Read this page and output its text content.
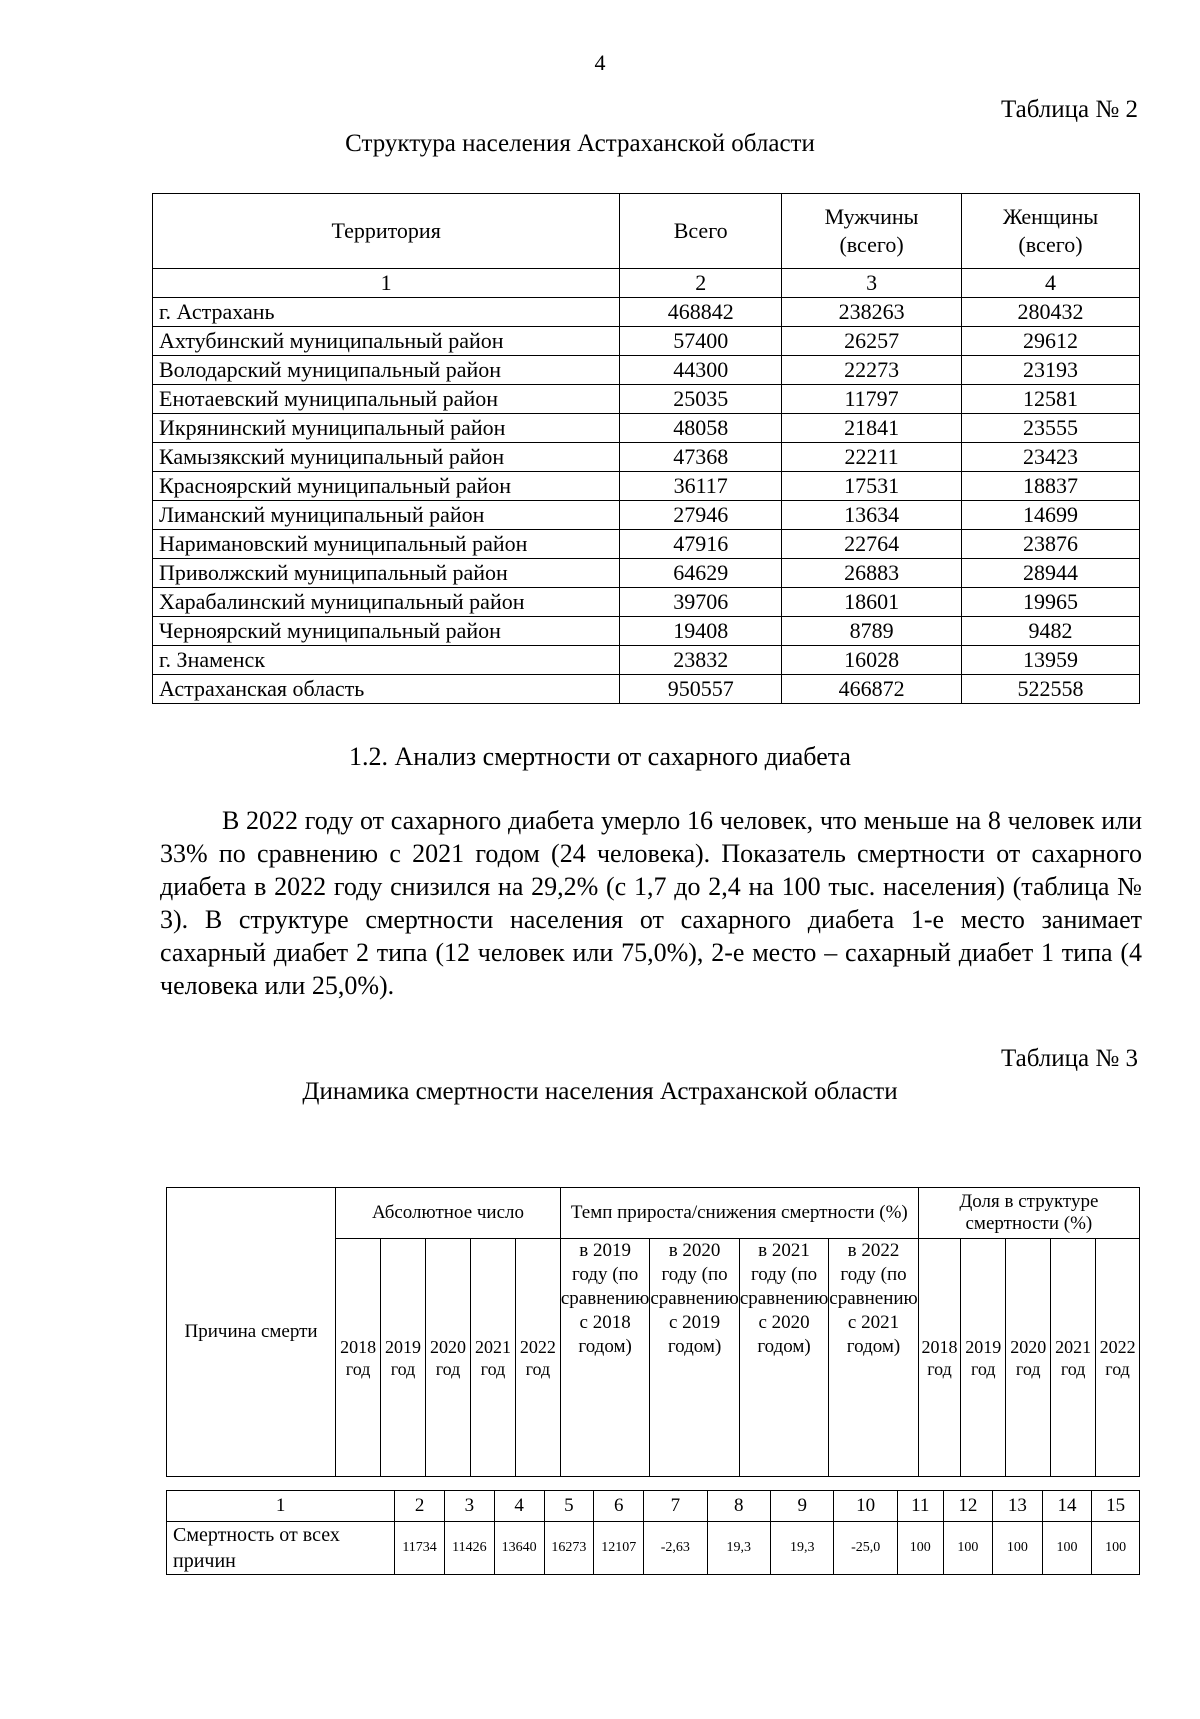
4
Таблица № 2
Структура населения Астраханской области
Территория	Всего	Мужчины (всего)	Женщины (всего)
1	2	3	4
г. Астрахань	468842	238263	280432
Ахтубинский муниципальный район	57400	26257	29612
Володарский муниципальный район	44300	22273	23193
Енотаевский муниципальный район	25035	11797	12581
Икрянинский муниципальный район	48058	21841	23555
Камызякский муниципальный район	47368	22211	23423
Красноярский муниципальный район	36117	17531	18837
Лиманский муниципальный район	27946	13634	14699
Наримановский муниципальный район	47916	22764	23876
Приволжский муниципальный район	64629	26883	28944
Харабалинский муниципальный район	39706	18601	19965
Черноярский муниципальный район	19408	8789	9482
г. Знаменск	23832	16028	13959
Астраханская область	950557	466872	522558
1.2. Анализ смертности от сахарного диабета
В 2022 году от сахарного диабета умерло 16 человек, что меньше на 8 человек или 33% по сравнению с 2021 годом (24 человека). Показатель смертности от сахарного диабета в 2022 году снизился на 29,2% (с 1,7 до 2,4 на 100 тыс. населения) (таблица № 3). В структуре смертности населения от сахарного диабета 1-е место занимает сахарный диабет 2 типа (12 человек или 75,0%), 2-е место – сахарный диабет 1 типа (4 человека или 25,0%).
Таблица № 3
Динамика смертности населения Астраханской области
Причина смерти	Абсолютное число					Темп прироста/снижения смертности (%)				Доля в структуре смертности (%)				
	2018 год	2019 год	2020 год	2021 год	2022 год	в 2019 году (по сравнению с 2018 годом)	в 2020 году (по сравнению с 2019 годом)	в 2021 году (по сравнению с 2020 годом)	в 2022 году (по сравнению с 2021 годом)	2018 год	2019 год	2020 год	2021 год	2022 год
1	2	3	4	5	6	7	8	9	10	11	12	13	14	15
Смертность от всех причин	11734	11426	13640	16273	12107	-2,63	19,3	19,3	-25,0	100	100	100	100	100
